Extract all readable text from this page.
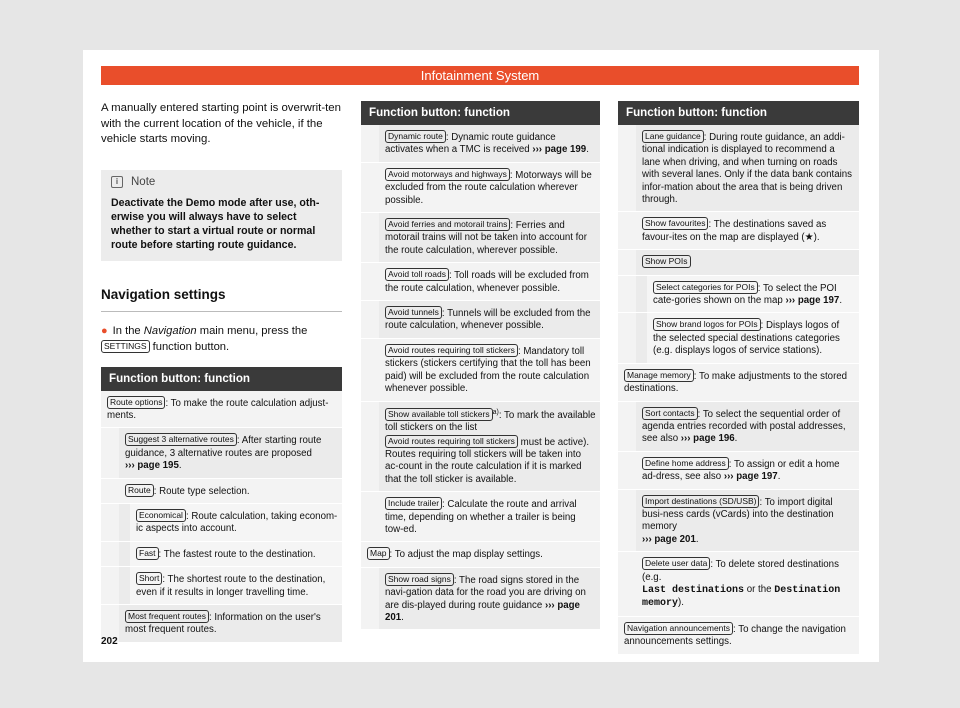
Infotainment System

A manually entered starting point is overwrit-ten with the current location of the vehicle, if the vehicle starts moving.

i	Note

Deactivate the Demo mode after use, oth-erwise you will always have to select whether to start a virtual route or normal route before starting route guidance.

Navigation settings
● In the Navigation main menu, press the SETTINGS function button.
Function button: function
Route options : To make the route calculation adjust-ments.
Suggest 3 alternative routes : After starting route guidance, 3 alternative routes are proposed
››› page 195.
Route : Route type selection.
Economical : Route calculation, taking econom-ic aspects into account.
Fast : The fastest route to the destination.
Short : The shortest route to the destination, even if it results in longer travelling time.
Most frequent routes : Information on the user's most frequent routes.
Function button: function
Dynamic route : Dynamic route guidance activates when a TMC is received ››› page 199.
Avoid motorways and highways : Motorways will be excluded from the route calculation wherever possible.
Avoid ferries and motorail trains : Ferries and motorail trains will not be taken into account for the route calculation, wherever possible.
Avoid toll roads : Toll roads will be excluded from the route calculation, whenever possible.
Avoid tunnels : Tunnels will be excluded from the route calculation, whenever possible.
Avoid routes requiring toll stickers : Mandatory toll stickers (stickers certifying that the toll has been paid) will be excluded from the route calculation whenever possible.
Show available toll stickers $^{a)}$: To mark the available toll stickers on the list
Avoid routes requiring toll stickers must be active). Routes requiring toll stickers will be taken into ac-count in the route calculation if it is marked that the toll sticker is available.
Include trailer : Calculate the route and arrival time, depending on whether a trailer is being tow-ed.
Map : To adjust the map display settings.
Show road signs : The road signs stored in the navi-gation data for the road you are driving on are dis-played during route guidance ››› page 201.
Function button: function
Lane guidance : During route guidance, an addi-tional indication is displayed to recommend a lane when driving, and when turning on roads with several lanes. Only if the data bank contains infor-mation about the area that is being driven through.
Show favourites : The destinations saved as favour-ites on the map are displayed (★).
Show POIs
Select categories for POIs : To select the POI cate-gories shown on the map ››› page 197.
Show brand logos for POIs : Displays logos of the selected special destinations categories (e.g. displays logos of service stations).
Manage memory : To make adjustments to the stored destinations.
Sort contacts : To select the sequential order of agenda entries recorded with postal addresses, see also ››› page 196.
Define home address : To assign or edit a home ad-dress, see also ››› page 197.
Import destinations (SD/USB) : To import digital busi-ness cards (vCards) into the destination memory
››› page 201.
Delete user data : To delete stored destinations (e.g.
Last destinations or the Destination memory).
Navigation announcements : To change the navigation announcements settings.
202
